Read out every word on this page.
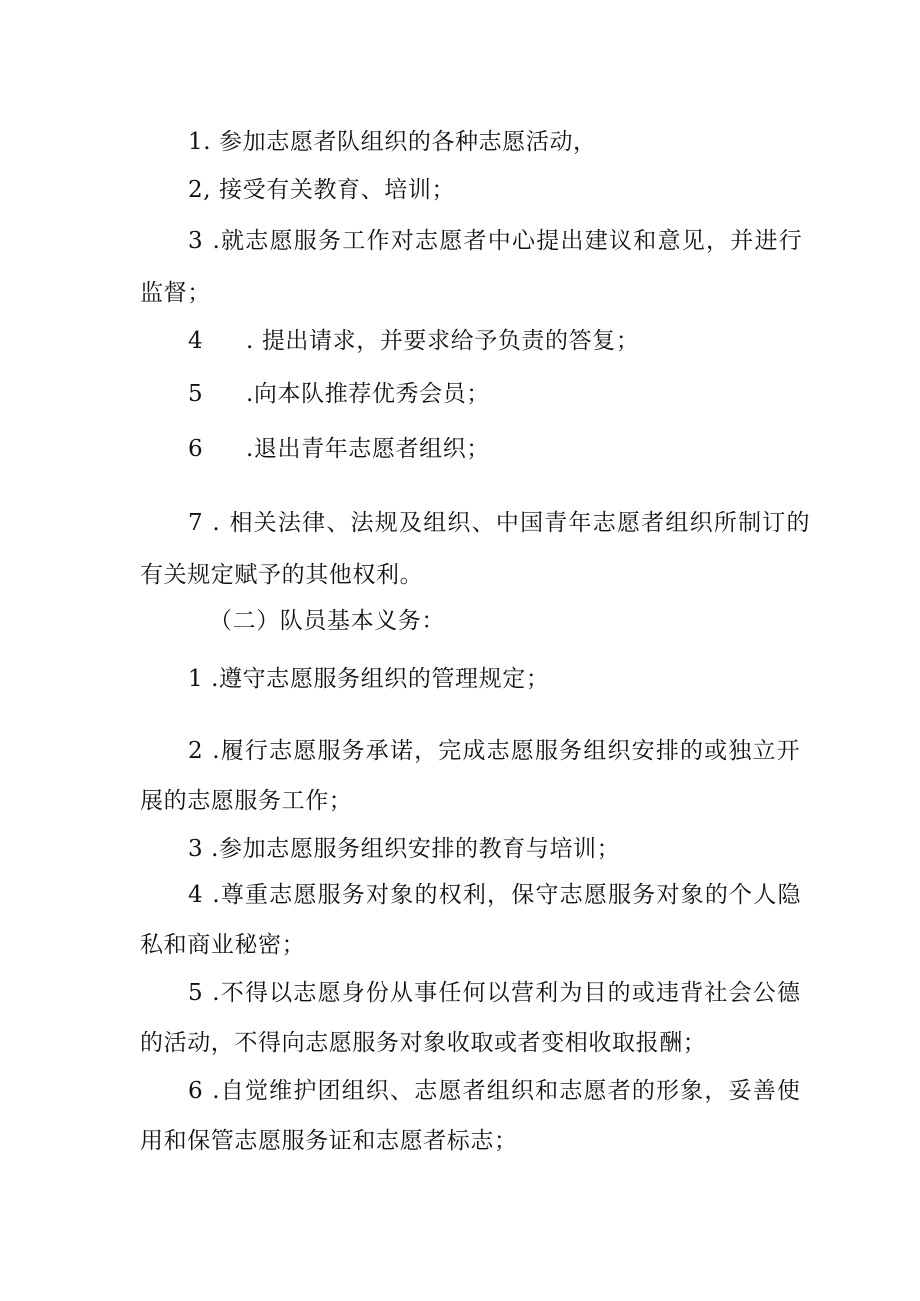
1. 参加志愿者队组织的各种志愿活动，
2, 接受有关教育、培训；
3 .就志愿服务工作对志愿者中心提出建议和意见，并进行
监督；
4 . 提出请求，并要求给予负责的答复；
5 .向本队推荐优秀会员；
6 .退出青年志愿者组织；
7 . 相关法律、法规及组织、中国青年志愿者组织所制订的
有关规定赋予的其他权利。
（二）队员基本义务：
1 .遵守志愿服务组织的管理规定；
2 .履行志愿服务承诺，完成志愿服务组织安排的或独立开
展的志愿服务工作；
3 .参加志愿服务组织安排的教育与培训；
4 .尊重志愿服务对象的权利，保守志愿服务对象的个人隐
私和商业秘密；
5 .不得以志愿身份从事任何以营利为目的或违背社会公德
的活动，不得向志愿服务对象收取或者变相收取报酬；
6 .自觉维护团组织、志愿者组织和志愿者的形象，妥善使
用和保管志愿服务证和志愿者标志；
